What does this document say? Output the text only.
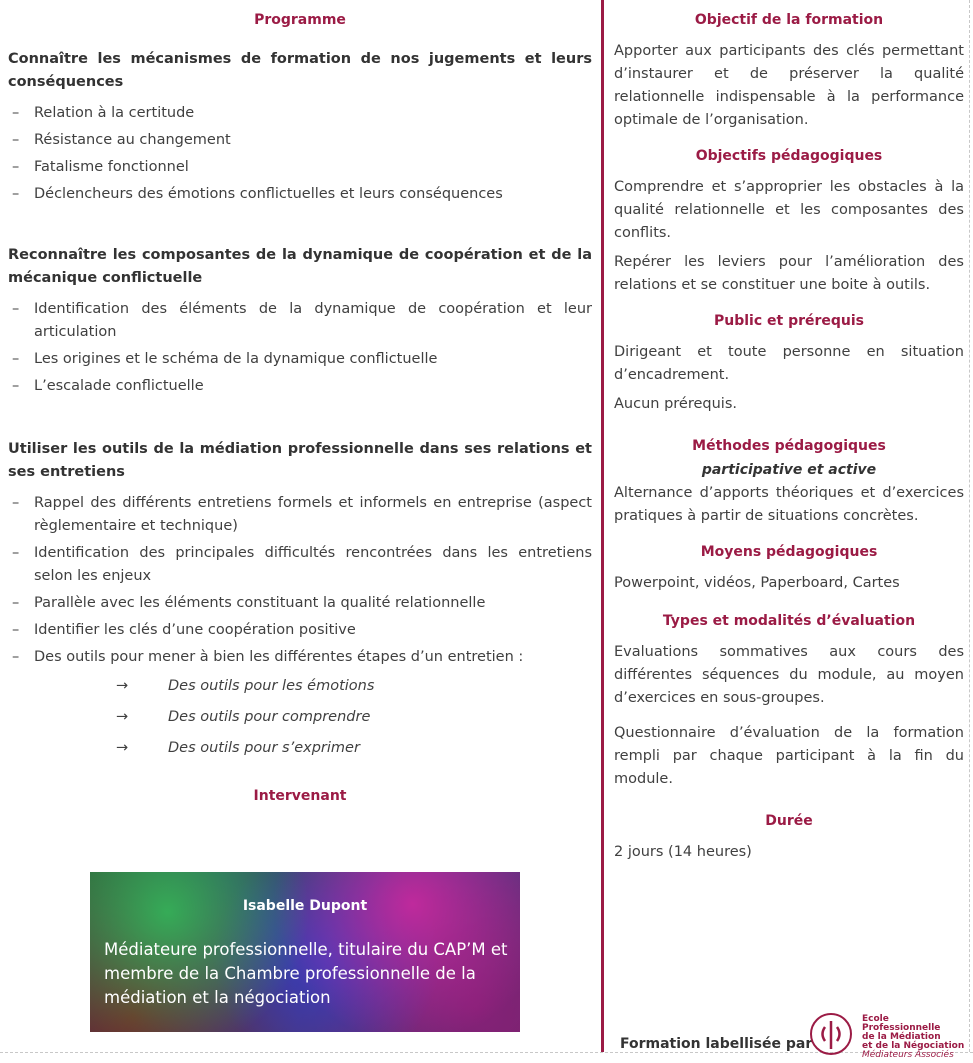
Programme
Connaître les mécanismes de formation de nos jugements et leurs conséquences
– Relation à la certitude
– Résistance au changement
– Fatalisme fonctionnel
– Déclencheurs des émotions conflictuelles et leurs conséquences
Reconnaître les composantes de la dynamique de coopération et de la mécanique conflictuelle
– Identification des éléments de la dynamique de coopération et leur articulation
– Les origines et le schéma de la dynamique conflictuelle
– L’escalade conflictuelle
Utiliser les outils de la médiation professionnelle dans ses relations et ses entretiens
– Rappel des différents entretiens formels et informels en entreprise (aspect règlementaire et technique)
– Identification des principales difficultés rencontrées dans les entretiens selon les enjeux
– Parallèle avec les éléments constituant la qualité relationnelle
– Identifier les clés d’une coopération positive
– Des outils pour mener à bien les différentes étapes d’un entretien :
→	Des outils pour les émotions
→	Des outils pour comprendre
→	Des outils pour s’exprimer
Intervenant
Isabelle Dupont
Médiateure professionnelle, titulaire du CAP’M et membre de la Chambre professionnelle de la médiation et la négociation
Objectif de la formation

Apporter aux participants des clés permettant d’instaurer et de préserver la qualité relationnelle indispensable à la performance optimale de l’organisation.

Objectifs pédagogiques

Comprendre et s’approprier les obstacles à la qualité relationnelle et les composantes des conflits.

Repérer les leviers pour l’amélioration des relations et se constituer une boite à outils.

Public et prérequis

Dirigeant et toute personne en situation d’encadrement.

Aucun prérequis.

Méthodes pédagogiques
participative et active

Alternance d’apports théoriques et d’exercices pratiques à partir de situations concrètes.

Moyens pédagogiques

Powerpoint, vidéos, Paperboard, Cartes

Types et modalités d’évaluation

Evaluations sommatives aux cours des différentes séquences du module, au moyen d’exercices en sous-groupes.

Questionnaire d’évaluation de la formation rempli par chaque participant à la fin du module.

Durée

2 jours (14 heures)

Formation labellisée par
Ecole
Professionnelle
de la Médiation
et de la Négociation
Médiateurs Associés
